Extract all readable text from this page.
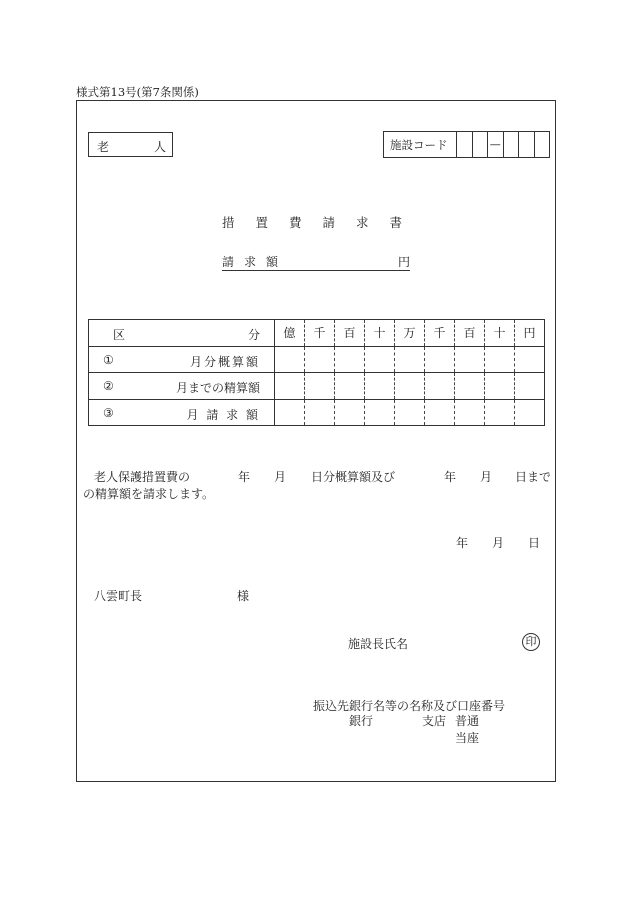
様式第13号(第7条関係)
老	人	施設コード	—
措置費請求書
請求額	円
区 分	億	千	百	十	万	千	百	十	円

① 月分概算額									

② 月までの精算額									

③ 月 請 求 額									

老人保護措置費の	年 月 日分概算額及び	年 月 日まで
の精算額を請求します。
年 月 日
八雲町長	様
施設長氏名	印
振込先銀行名等の名称及び口座番号
銀行	支店 普通
当座
